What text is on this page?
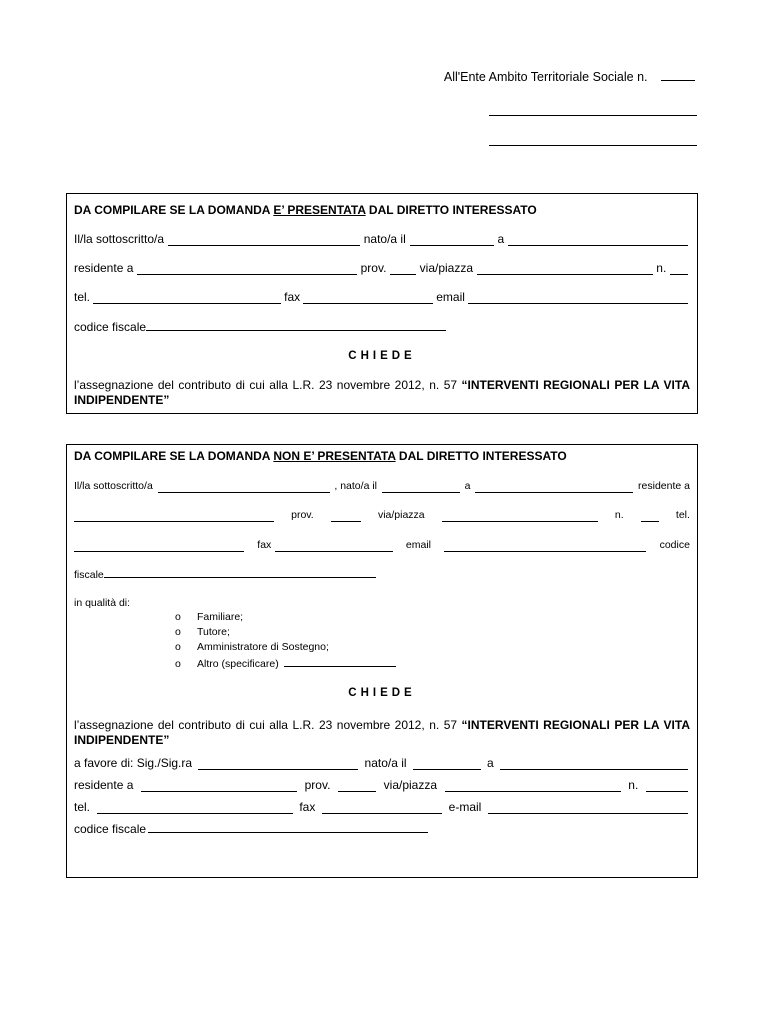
All'Ente Ambito Territoriale Sociale n.
DA COMPILARE SE LA DOMANDA E’ PRESENTATA DAL DIRETTO INTERESSATO
Il/la sottoscritto/a	nato/a il	a
residente a	prov.	via/piazza	n.
tel.	fax	email
codice fiscale
CHIEDE
l’assegnazione del contributo di cui alla L.R. 23 novembre 2012, n. 57 “INTERVENTI REGIONALI PER LA VITA INDIPENDENTE”
DA COMPILARE SE LA DOMANDA NON E’ PRESENTATA DAL DIRETTO INTERESSATO
Il/la sottoscritto/a	, nato/a il	a	residente a
prov.	via/piazza	n.	tel.
fax	email	codice
fiscale
in qualità di:
o Familiare;
o Tutore;
o Amministratore di Sostegno;
o Altro (specificare)
CHIEDE
l’assegnazione del contributo di cui alla L.R. 23 novembre 2012, n. 57 “INTERVENTI REGIONALI PER LA VITA INDIPENDENTE”
a favore di: Sig./Sig.ra	nato/a il	a
residente a	prov.	via/piazza	n.
tel.	fax	e-mail
codice fiscale
